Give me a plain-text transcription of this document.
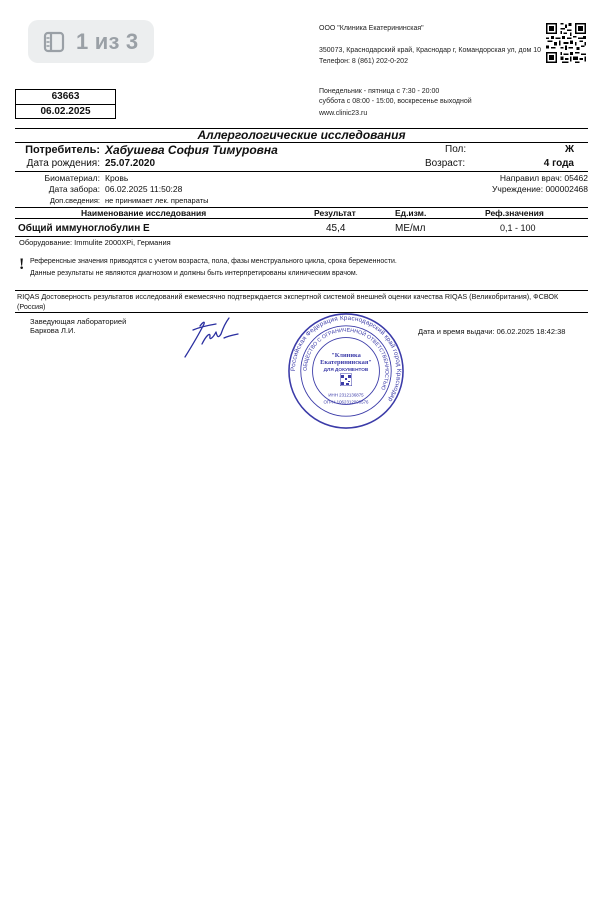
1 из 3	ООО "Клиника Екатерининская"
350073, Краснодарский край, Краснодар г, Командорская ул, дом 10
Телефон: 8 (861) 202-0-202
Понедельник - пятница с 7:30 - 20:00
суббота с 08:00 - 15:00, воскресенье выходной
www.clinic23.ru
63663
06.02.2025
Аллергологические исследования
Потребитель: Хабушева София Тимуровна	Пол:	Ж
Дата рождения: 25.07.2020	Возраст:	4 года
Биоматериал: Кровь	Направил врач: 05462
Дата забора: 06.02.2025 11:50:28	Учреждение: 000002468
Доп.сведения: не принимает лек. препараты
Наименование исследования	Результат	Ед.изм.	Реф.значения
Общий иммуноглобулин Е	45,4	МЕ/мл	0,1 - 100
Оборудование: Immulite 2000XPi, Германия
! Референсные значения приводятся с учетом возраста, пола, фазы менструального цикла, срока беременности.
Данные результаты не являются диагнозом и должны быть интерпретированы клиническим врачом.
RIQAS Достоверность результатов исследований ежемесячно подтверждается экспертной системой внешней оценки качества RIQAS (Великобритания), ФСВОК (Россия)
Заведующая лабораторией
Баркова Л.И.	Дата и время выдачи: 06.02.2025 18:42:38
Российская Федерация Краснодарский край город Краснодар
ОБЩЕСТВО С ОГРАНИЧЕННОЙ ОТВЕТСТВЕННОСТЬЮ
"Клиника
Екатерининская"
ДЛЯ ДОКУМЕНТОВ
ИНН 2312136875
ОГРН 1062312000576
